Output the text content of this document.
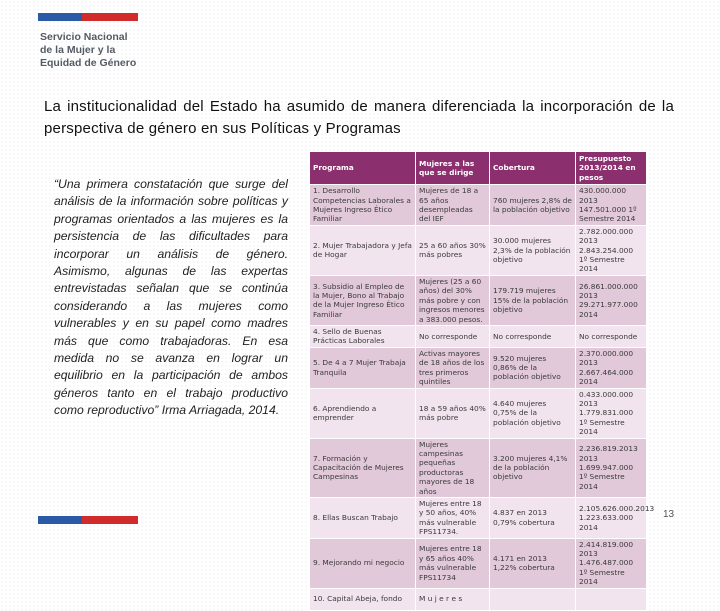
Servicio Nacional
de la Mujer y la
Equidad de Género
La institucionalidad del Estado ha asumido de manera diferenciada la incorporación de la perspectiva de género en sus Políticas y Programas
“Una primera constatación que surge del análisis de la información sobre políticas y programas orientados a las mujeres es la persistencia de las dificultades para incorporar un análisis de género. Asimismo, algunas de las expertas entrevistadas señalan que se continúa considerando a las mujeres como vulnerables y en su papel como madres más que como trabajadoras. En esa medida no se avanza en lograr un equilibrio en la participación de ambos géneros tanto en el trabajo productivo como reproductivo” Irma Arriagada, 2014.
Programa	Mujeres a las que se dirige	Cobertura	Presupuesto 2013/2014 en pesos
1. Desarrollo Competencias Laborales a Mujeres Ingreso Ético Familiar	Mujeres de 18 a 65 años desempleadas del IEF	760 mujeres 2,8% de la población objetivo	430.000.000 2013 147.501.000 1º Semestre 2014
2. Mujer Trabajadora y Jefa de Hogar	25 a 60 años 30% más pobres	30.000 mujeres 2,3% de la población objetivo	2.782.000.000 2013 2.843.254.000 1º Semestre 2014
3. Subsidio al Empleo de la Mujer, Bono al Trabajo de la Mujer Ingreso Ético Familiar	Mujeres (25 a 60 años) del 30% más pobre y con ingresos menores a 383.000 pesos.	179.719 mujeres 15% de la población objetivo	26.861.000.000 2013 29.271.977.000 2014
4. Sello de Buenas Prácticas Laborales	No corresponde	No corresponde	No corresponde
5. De 4 a 7 Mujer Trabaja Tranquila	Activas mayores de 18 años de los tres primeros quintiles	9.520 mujeres 0,86% de la población objetivo	2.370.000.000 2013 2.667.464.000 2014
6. Aprendiendo a emprender	18 a 59 años 40% más pobre	4.640 mujeres 0,75% de la población objetivo	0.433.000.000 2013 1.779.831.000 1º Semestre 2014
7. Formación y Capacitación de Mujeres Campesinas	Mujeres campesinas pequeñas productoras mayores de 18 años	3.200 mujeres 4,1% de la población objetivo	2.236.819.2013 2013 1.699.947.000 1º Semestre 2014
8. Ellas Buscan Trabajo	Mujeres entre 18 y 50 años, 40% más vulnerable FPS11734.	4.837 en 2013 0,79% cobertura	2.105.626.000.2013 1.223.633.000 2014
9. Mejorando mi negocio	Mujeres entre 18 y 65 años 40% más vulnerable FPS11734	4.171 en 2013 1,22% cobertura	2.414.819.000 2013 1.476.487.000 1º Semestre 2014
10. Capital Abeja, fondo	M u j e r e s		
13
